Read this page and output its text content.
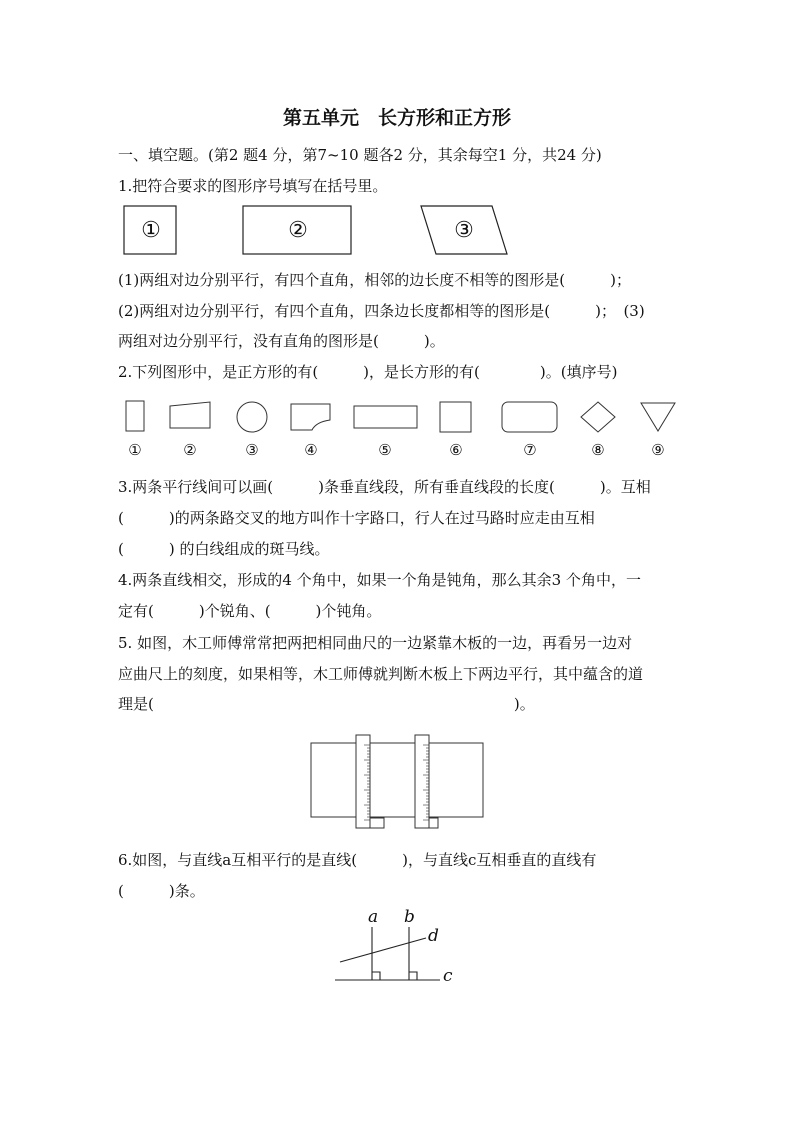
第五单元　长方形和正方形
一、填空题。(第2 题4 分，第7~10 题各2 分，其余每空1 分，共24 分)
1.把符合要求的图形序号填写在括号里。
①	②	③
(1)两组对边分别平行，有四个直角，相邻的边长度不相等的图形是(　　　)；
(2)两组对边分别平行，有四个直角，四条边长度都相等的图形是(　　　)；　(3)
两组对边分别平行，没有直角的图形是(　　　)。
2.下列图形中，是正方形的有(　　　)，是长方形的有(　　　　)。(填序号)
①	②	③	④	⑤	⑥	⑦	⑧	⑨
3.两条平行线间可以画(　　　)条垂直线段，所有垂直线段的长度(　　　)。互相
(　　　)的两条路交叉的地方叫作十字路口，行人在过马路时应走由互相
(　　　) 的白线组成的斑马线。
4.两条直线相交，形成的4 个角中，如果一个角是钝角，那么其余3 个角中，一
定有(　　　)个锐角、(　　　)个钝角。
5. 如图，木工师傅常常把两把相同曲尺的一边紧靠木板的一边，再看另一边对
应曲尺上的刻度，如果相等，木工师傅就判断木板上下两边平行，其中蕴含的道
理是(　　　　　　　　　　　　　　　　　　　　　　　　)。
6.如图，与直线a互相平行的是直线(　　　)，与直线c互相垂直的直线有
(　　　)条。
a b
d
c
